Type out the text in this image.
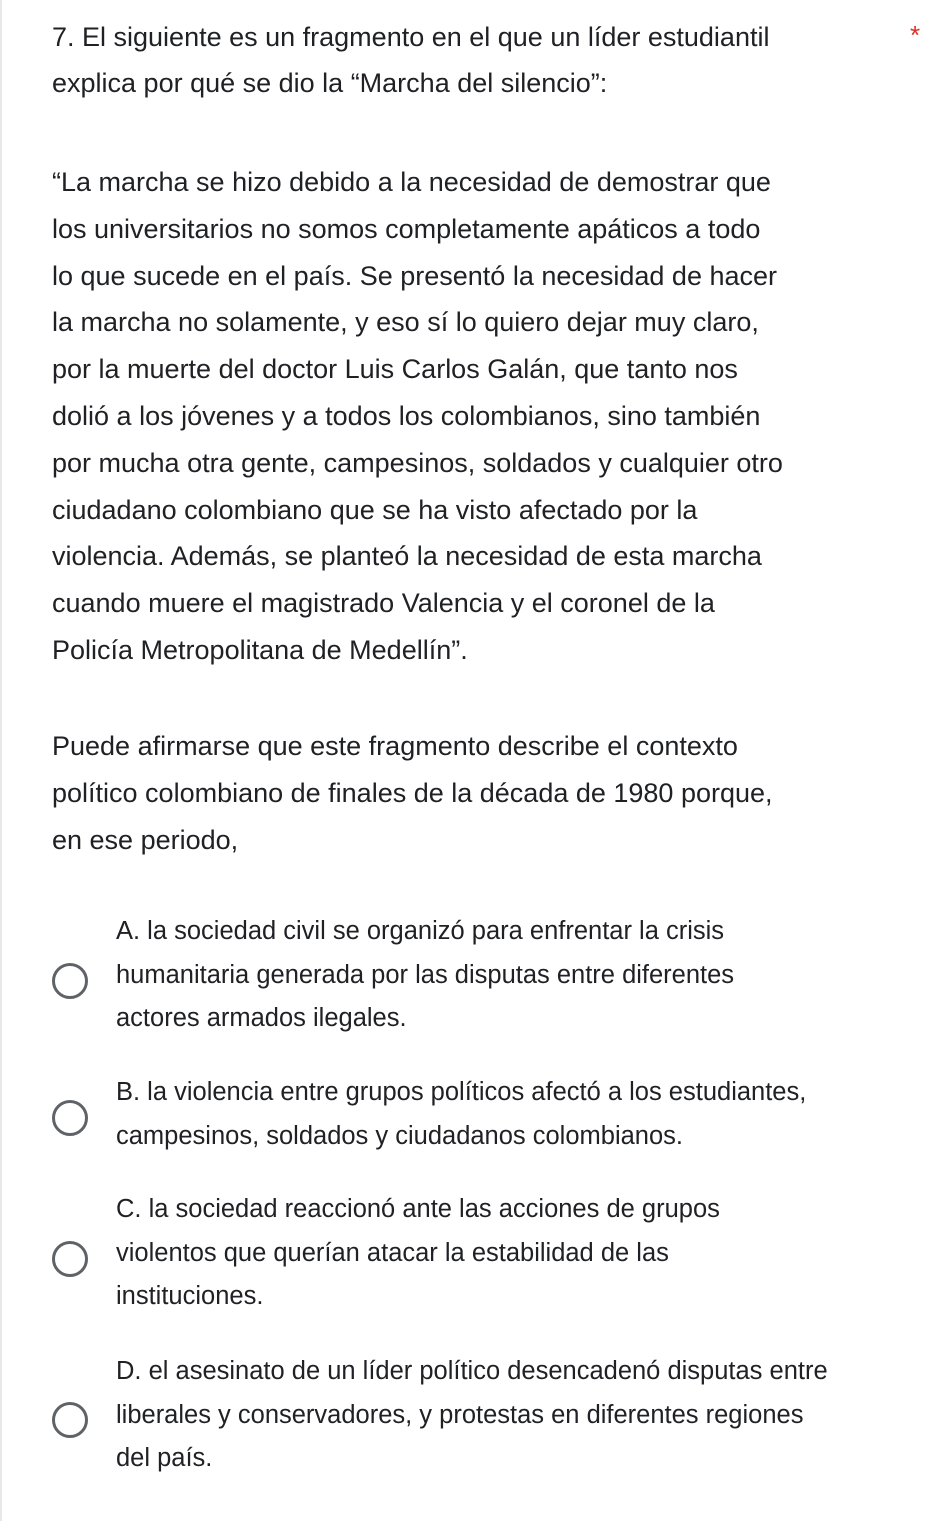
7. El siguiente es un fragmento en el que un líder estudiantil
explica por qué se dio la “Marcha del silencio”:

*
“La marcha se hizo debido a la necesidad de demostrar que
los universitarios no somos completamente apáticos a todo
lo que sucede en el país. Se presentó la necesidad de hacer
la marcha no solamente, y eso sí lo quiero dejar muy claro,
por la muerte del doctor Luis Carlos Galán, que tanto nos
dolió a los jóvenes y a todos los colombianos, sino también
por mucha otra gente, campesinos, soldados y cualquier otro
ciudadano colombiano que se ha visto afectado por la
violencia. Además, se planteó la necesidad de esta marcha
cuando muere el magistrado Valencia y el coronel de la
Policía Metropolitana de Medellín”.
Puede afirmarse que este fragmento describe el contexto
político colombiano de finales de la década de 1980 porque,
en ese periodo,

A. la sociedad civil se organizó para enfrentar la crisis
humanitaria generada por las disputas entre diferentes
actores armados ilegales.

B. la violencia entre grupos políticos afectó a los estudiantes,
campesinos, soldados y ciudadanos colombianos.

C. la sociedad reaccionó ante las acciones de grupos
violentos que querían atacar la estabilidad de las
instituciones.

D. el asesinato de un líder político desencadenó disputas entre
liberales y conservadores, y protestas en diferentes regiones
del país.
